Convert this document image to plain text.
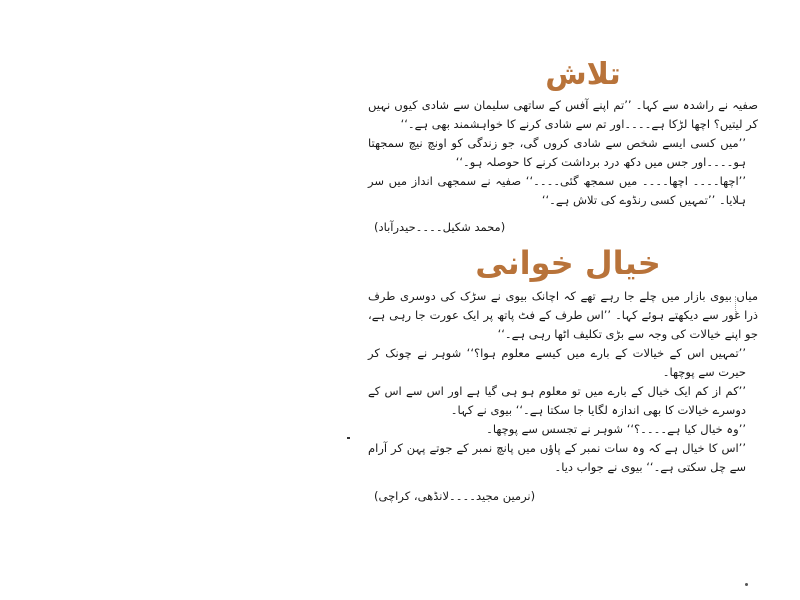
تلاش

صفیہ نے راشدہ سے کہا۔ ’’تم اپنے آفس کے ساتھی سلیمان سے شادی کیوں نہیں کر لیتیں؟ اچھا لڑکا ہے۔۔۔۔اور تم سے شادی کرنے کا خواہشمند بھی ہے۔‘‘

’’میں کسی ایسے شخص سے شادی کروں گی، جو زندگی کو اونچ نیچ سمجھتا ہو۔۔۔۔اور جس میں دکھ درد برداشت کرنے کا حوصلہ ہو۔‘‘

’’اچھا۔۔۔۔ اچھا۔۔۔۔ میں سمجھ گئی۔۔۔۔‘‘ صفیہ نے سمجھی انداز میں سر ہلایا۔ ’’تمہیں کسی رنڈوے کی تلاش ہے۔‘‘

(محمد شکیل۔۔۔۔حیدرآباد)

خیال خوانی

میاں بیوی بازار میں چلے جا رہے تھے کہ اچانک بیوی نے سڑک کی دوسری طرف ذرا غور سے دیکھتے ہوئے کہا۔ ’’اس طرف کے فٹ پاتھ پر ایک عورت جا رہی ہے، جو اپنے خیالات کی وجہ سے بڑی تکلیف اٹھا رہی ہے۔‘‘

’’تمہیں اس کے خیالات کے بارے میں کیسے معلوم ہوا؟‘‘ شوہر نے چونک کر حیرت سے پوچھا۔

’’کم از کم ایک خیال کے بارے میں تو معلوم ہو ہی گیا ہے اور اس سے اس کے دوسرے خیالات کا بھی اندازہ لگایا جا سکتا ہے۔‘‘ بیوی نے کہا۔

’’وہ خیال کیا ہے۔۔۔۔؟‘‘ شوہر نے تجسس سے پوچھا۔

’’اس کا خیال ہے کہ وہ سات نمبر کے پاؤں میں پانچ نمبر کے جوتے پہن کر آرام سے چل سکتی ہے۔‘‘ بیوی نے جواب دیا۔

(نرمین مجید۔۔۔۔لانڈھی، کراچی)
